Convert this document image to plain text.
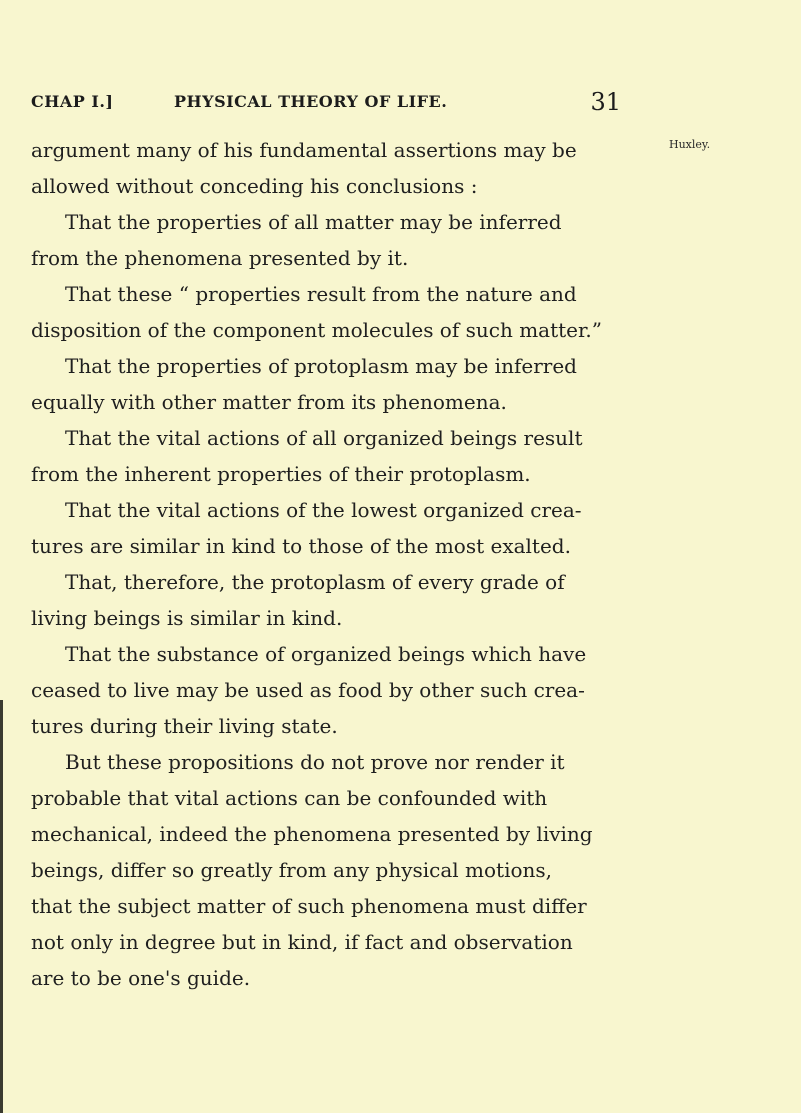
CHAP I.]	PHYSICAL THEORY OF LIFE.	31
Huxley.
argument many of his fundamental assertions may be
allowed without conceding his conclusions :
That the properties of all matter may be inferred
from the phenomena presented by it.
That these “ properties result from the nature and
disposition of the component molecules of such matter.”
That the properties of protoplasm may be inferred
equally with other matter from its phenomena.
That the vital actions of all organized beings result
from the inherent properties of their protoplasm.
That the vital actions of the lowest organized crea-
tures are similar in kind to those of the most exalted.
That, therefore, the protoplasm of every grade of
living beings is similar in kind.
That the substance of organized beings which have
ceased to live may be used as food by other such crea-
tures during their living state.
But these propositions do not prove nor render it
probable that vital actions can be confounded with
mechanical, indeed the phenomena presented by living
beings, differ so greatly from any physical motions,
that the subject matter of such phenomena must differ
not only in degree but in kind, if fact and observation
are to be one's guide.
